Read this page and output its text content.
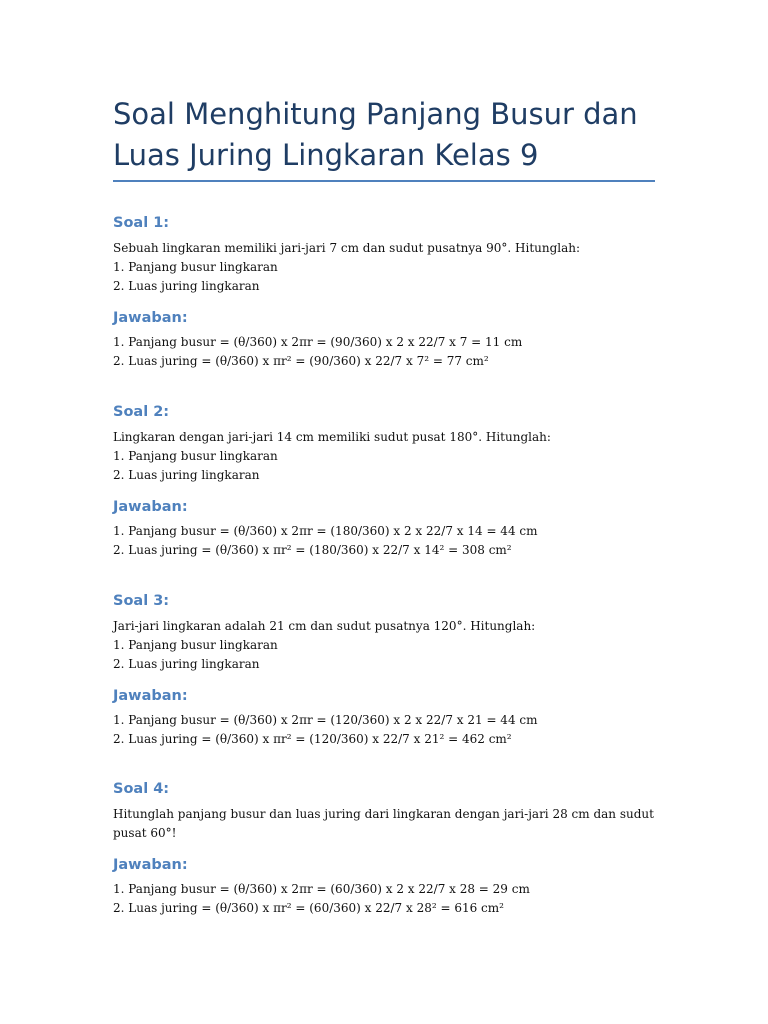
Soal Menghitung Panjang Busur dan Luas Juring Lingkaran Kelas 9
Soal 1:

Sebuah lingkaran memiliki jari-jari 7 cm dan sudut pusatnya 90°. Hitunglah:

1. Panjang busur lingkaran

2. Luas juring lingkaran

Jawaban:

1. Panjang busur = (θ/360) x 2πr = (90/360) x 2 x 22/7 x 7 = 11 cm

2. Luas juring = (θ/360) x πr² = (90/360) x 22/7 x 7² = 77 cm²

Soal 2:

Lingkaran dengan jari-jari 14 cm memiliki sudut pusat 180°. Hitunglah:

1. Panjang busur lingkaran

2. Luas juring lingkaran

Jawaban:

1. Panjang busur = (θ/360) x 2πr = (180/360) x 2 x 22/7 x 14 = 44 cm

2. Luas juring = (θ/360) x πr² = (180/360) x 22/7 x 14² = 308 cm²

Soal 3:

Jari-jari lingkaran adalah 21 cm dan sudut pusatnya 120°. Hitunglah:

1. Panjang busur lingkaran

2. Luas juring lingkaran

Jawaban:

1. Panjang busur = (θ/360) x 2πr = (120/360) x 2 x 22/7 x 21 = 44 cm

2. Luas juring = (θ/360) x πr² = (120/360) x 22/7 x 21² = 462 cm²

Soal 4:

Hitunglah panjang busur dan luas juring dari lingkaran dengan jari-jari 28 cm dan sudut pusat 60°!

Jawaban:

1. Panjang busur = (θ/360) x 2πr = (60/360) x 2 x 22/7 x 28 = 29 cm

2. Luas juring = (θ/360) x πr² = (60/360) x 22/7 x 28² = 616 cm²
